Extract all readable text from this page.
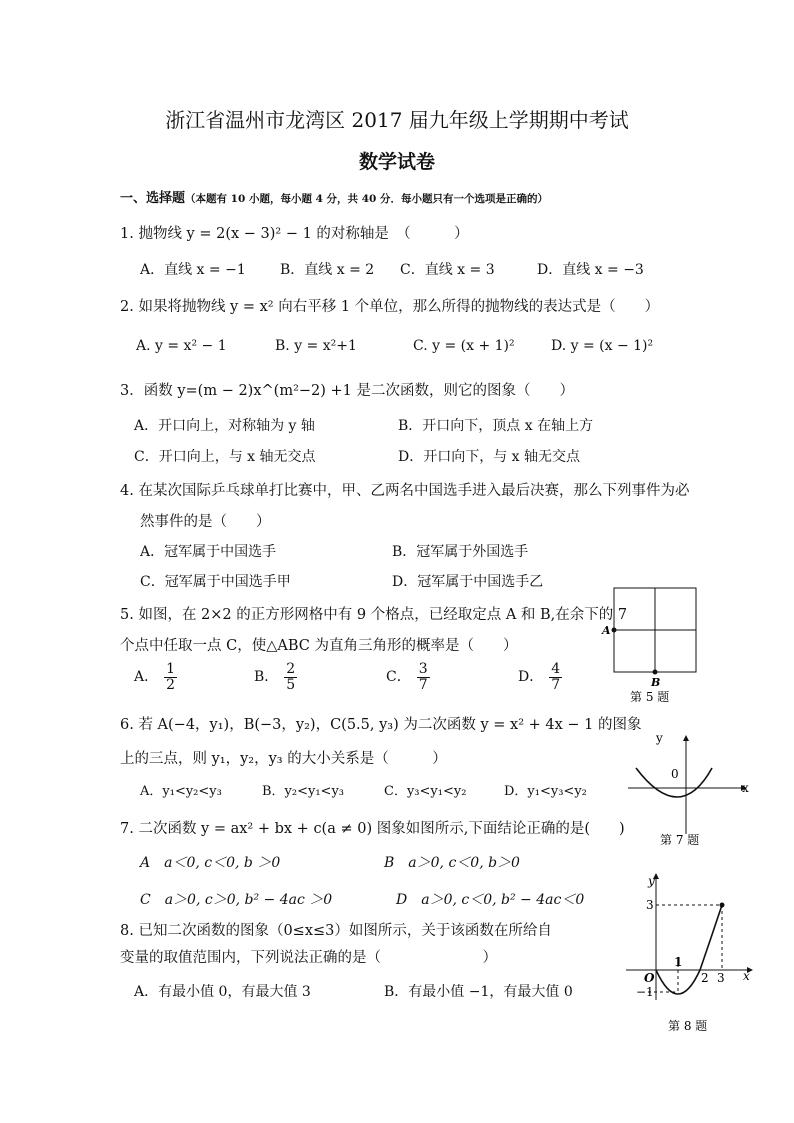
浙江省温州市龙湾区 2017 届九年级上学期期中考试
数学试卷
一、选择题（本题有 10 小题，每小题 4 分，共 40 分．每小题只有一个选项是正确的）
1. 抛物线 y = 2(x − 3)² − 1 的对称轴是　（　　　）
A．直线 x = −1 B．直线 x = 2 C．直线 x = 3	D．直线 x = −3
2. 如果将抛物线 y = x² 向右平移 1 个单位，那么所得的抛物线的表达式是（　　）
A. y = x² − 1	B. y = x²+1	C. y = (x + 1)²	D. y = (x − 1)²
3．函数 y=(m − 2)x^(m²−2) +1 是二次函数，则它的图象（　　）
A．开口向上，对称轴为 y 轴	B．开口向下，顶点 x 在轴上方
C．开口向上，与 x 轴无交点	D．开口向下，与 x 轴无交点
4. 在某次国际乒乓球单打比赛中，甲、乙两名中国选手进入最后决赛，那么下列事件为必
然事件的是（　　）
A．冠军属于中国选手	B．冠军属于外国选手
C．冠军属于中国选手甲	D．冠军属于中国选手乙
5. 如图，在 2×2 的正方形网格中有 9 个格点，已经取定点 A 和 B,在余下的 7
个点中任取一点 C，使△ABC 为直角三角形的概率是（　　）
A． $\frac{1}{2}$	B． $\frac{2}{5}$	C． $\frac{3}{7}$	D． $\frac{4}{7}$
A
B
第 5 题
6. 若 A(−4，y₁)，B(−3，y₂)，C(5.5, y₃) 为二次函数 y = x² + 4x − 1 的图象
上的三点，则 y₁，y₂，y₃ 的大小关系是（　　　）
A．y₁<y₂<y₃	B．y₂<y₁<y₃	C．y₃<y₁<y₂	D．y₁<y₃<y₂
y
x
0
第 7 题
7. 二次函数 y = ax² + bx + c(a ≠ 0) 图象如图所示,下面结论正确的是(　　)
A　a＜0, c＜0, b ＞0	B　a＞0, c＜0, b＞0
C　a＞0, c＞0, b² − 4ac ＞0	D　a＞0, c＜0, b² − 4ac＜0
8. 已知二次函数的图象（0≤x≤3）如图所示，关于该函数在所给自
变量的取值范围内，下列说法正确的是（　　　　　　　）
A．有最小值 0，有最大值 3	B．有最小值 −1，有最大值 0
y
x
O
1
2 3
3
−1
第 8 题
